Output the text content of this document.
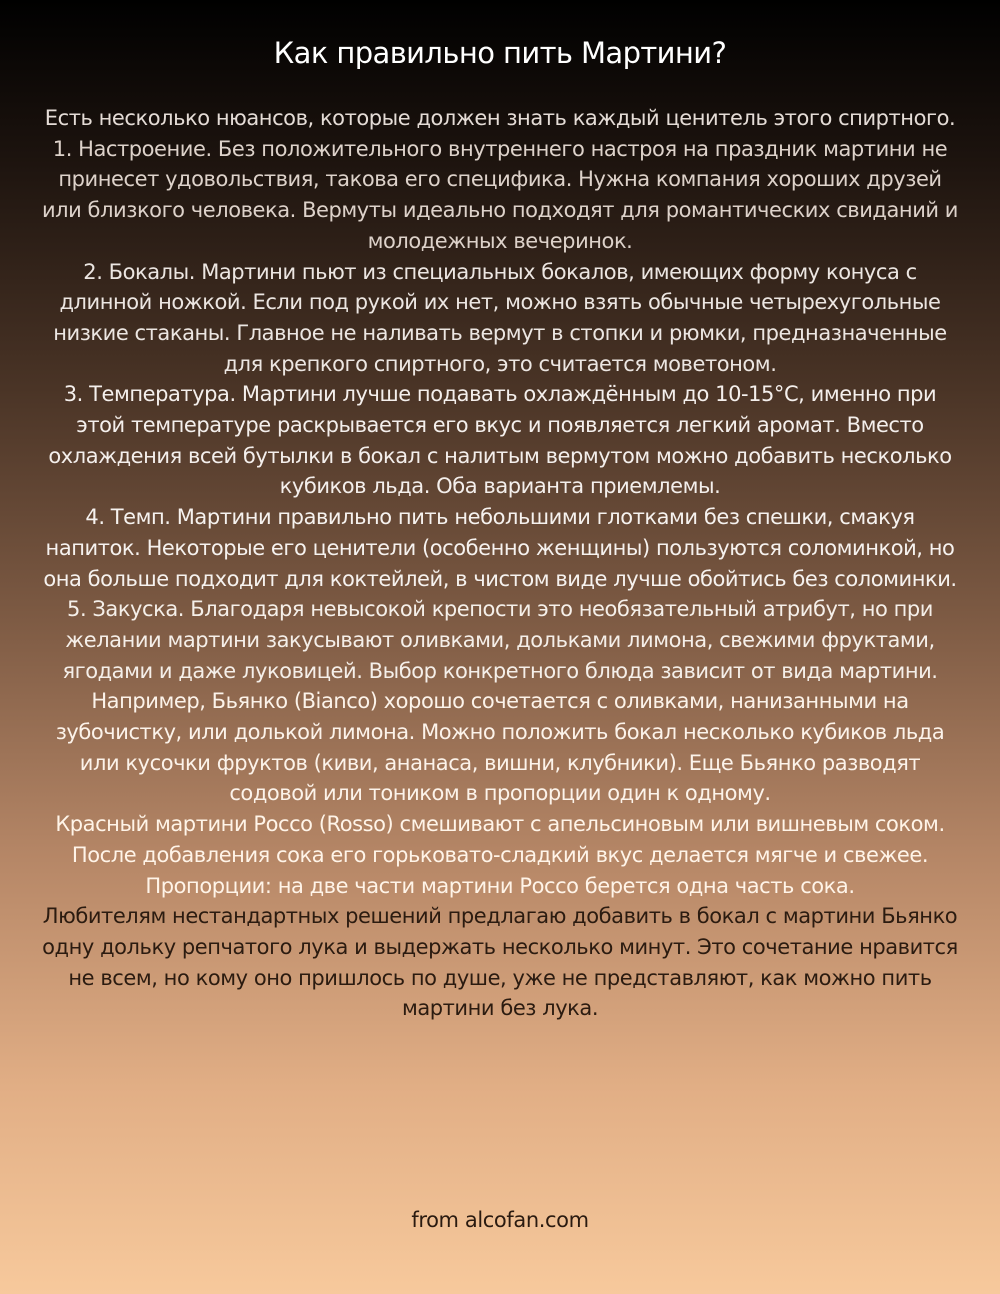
Как правильно пить Мартини?

Есть несколько нюансов, которые должен знать каждый ценитель этого спиртного.

1. Настроение. Без положительного внутреннего настроя на праздник мартини не принесет удовольствия, такова его специфика. Нужна компания хороших друзей или близкого человека. Вермуты идеально подходят для романтических свиданий и молодежных вечеринок.

2. Бокалы. Мартини пьют из специальных бокалов, имеющих форму конуса с длинной ножкой. Если под рукой их нет, можно взять обычные четырехугольные низкие стаканы. Главное не наливать вермут в стопки и рюмки, предназначенные для крепкого спиртного, это считается моветоном.

3. Температура. Мартини лучше подавать охлаждённым до 10-15°С, именно при этой температуре раскрывается его вкус и появляется легкий аромат. Вместо охлаждения всей бутылки в бокал с налитым вермутом можно добавить несколько кубиков льда. Оба варианта приемлемы.

4. Темп. Мартини правильно пить небольшими глотками без спешки, смакуя напиток. Некоторые его ценители (особенно женщины) пользуются соломинкой, но она больше подходит для коктейлей, в чистом виде лучше обойтись без соломинки.

5. Закуска. Благодаря невысокой крепости это необязательный атрибут, но при желании мартини закусывают оливками, дольками лимона, свежими фруктами, ягодами и даже луковицей. Выбор конкретного блюда зависит от вида мартини.

Например, Бьянко (Bianco) хорошо сочетается с оливками, нанизанными на зубочистку, или долькой лимона. Можно положить бокал несколько кубиков льда или кусочки фруктов (киви, ананаса, вишни, клубники). Еще Бьянко разводят содовой или тоником в пропорции один к одному.

Красный мартини Россо (Rosso) смешивают с апельсиновым или вишневым соком. После добавления сока его горьковато-сладкий вкус делается мягче и свежее. Пропорции: на две части мартини Россо берется одна часть сока.

Любителям нестандартных решений предлагаю добавить в бокал с мартини Бьянко одну дольку репчатого лука и выдержать несколько минут. Это сочетание нравится не всем, но кому оно пришлось по душе, уже не представляют, как можно пить мартини без лука.

from alcofan.com
